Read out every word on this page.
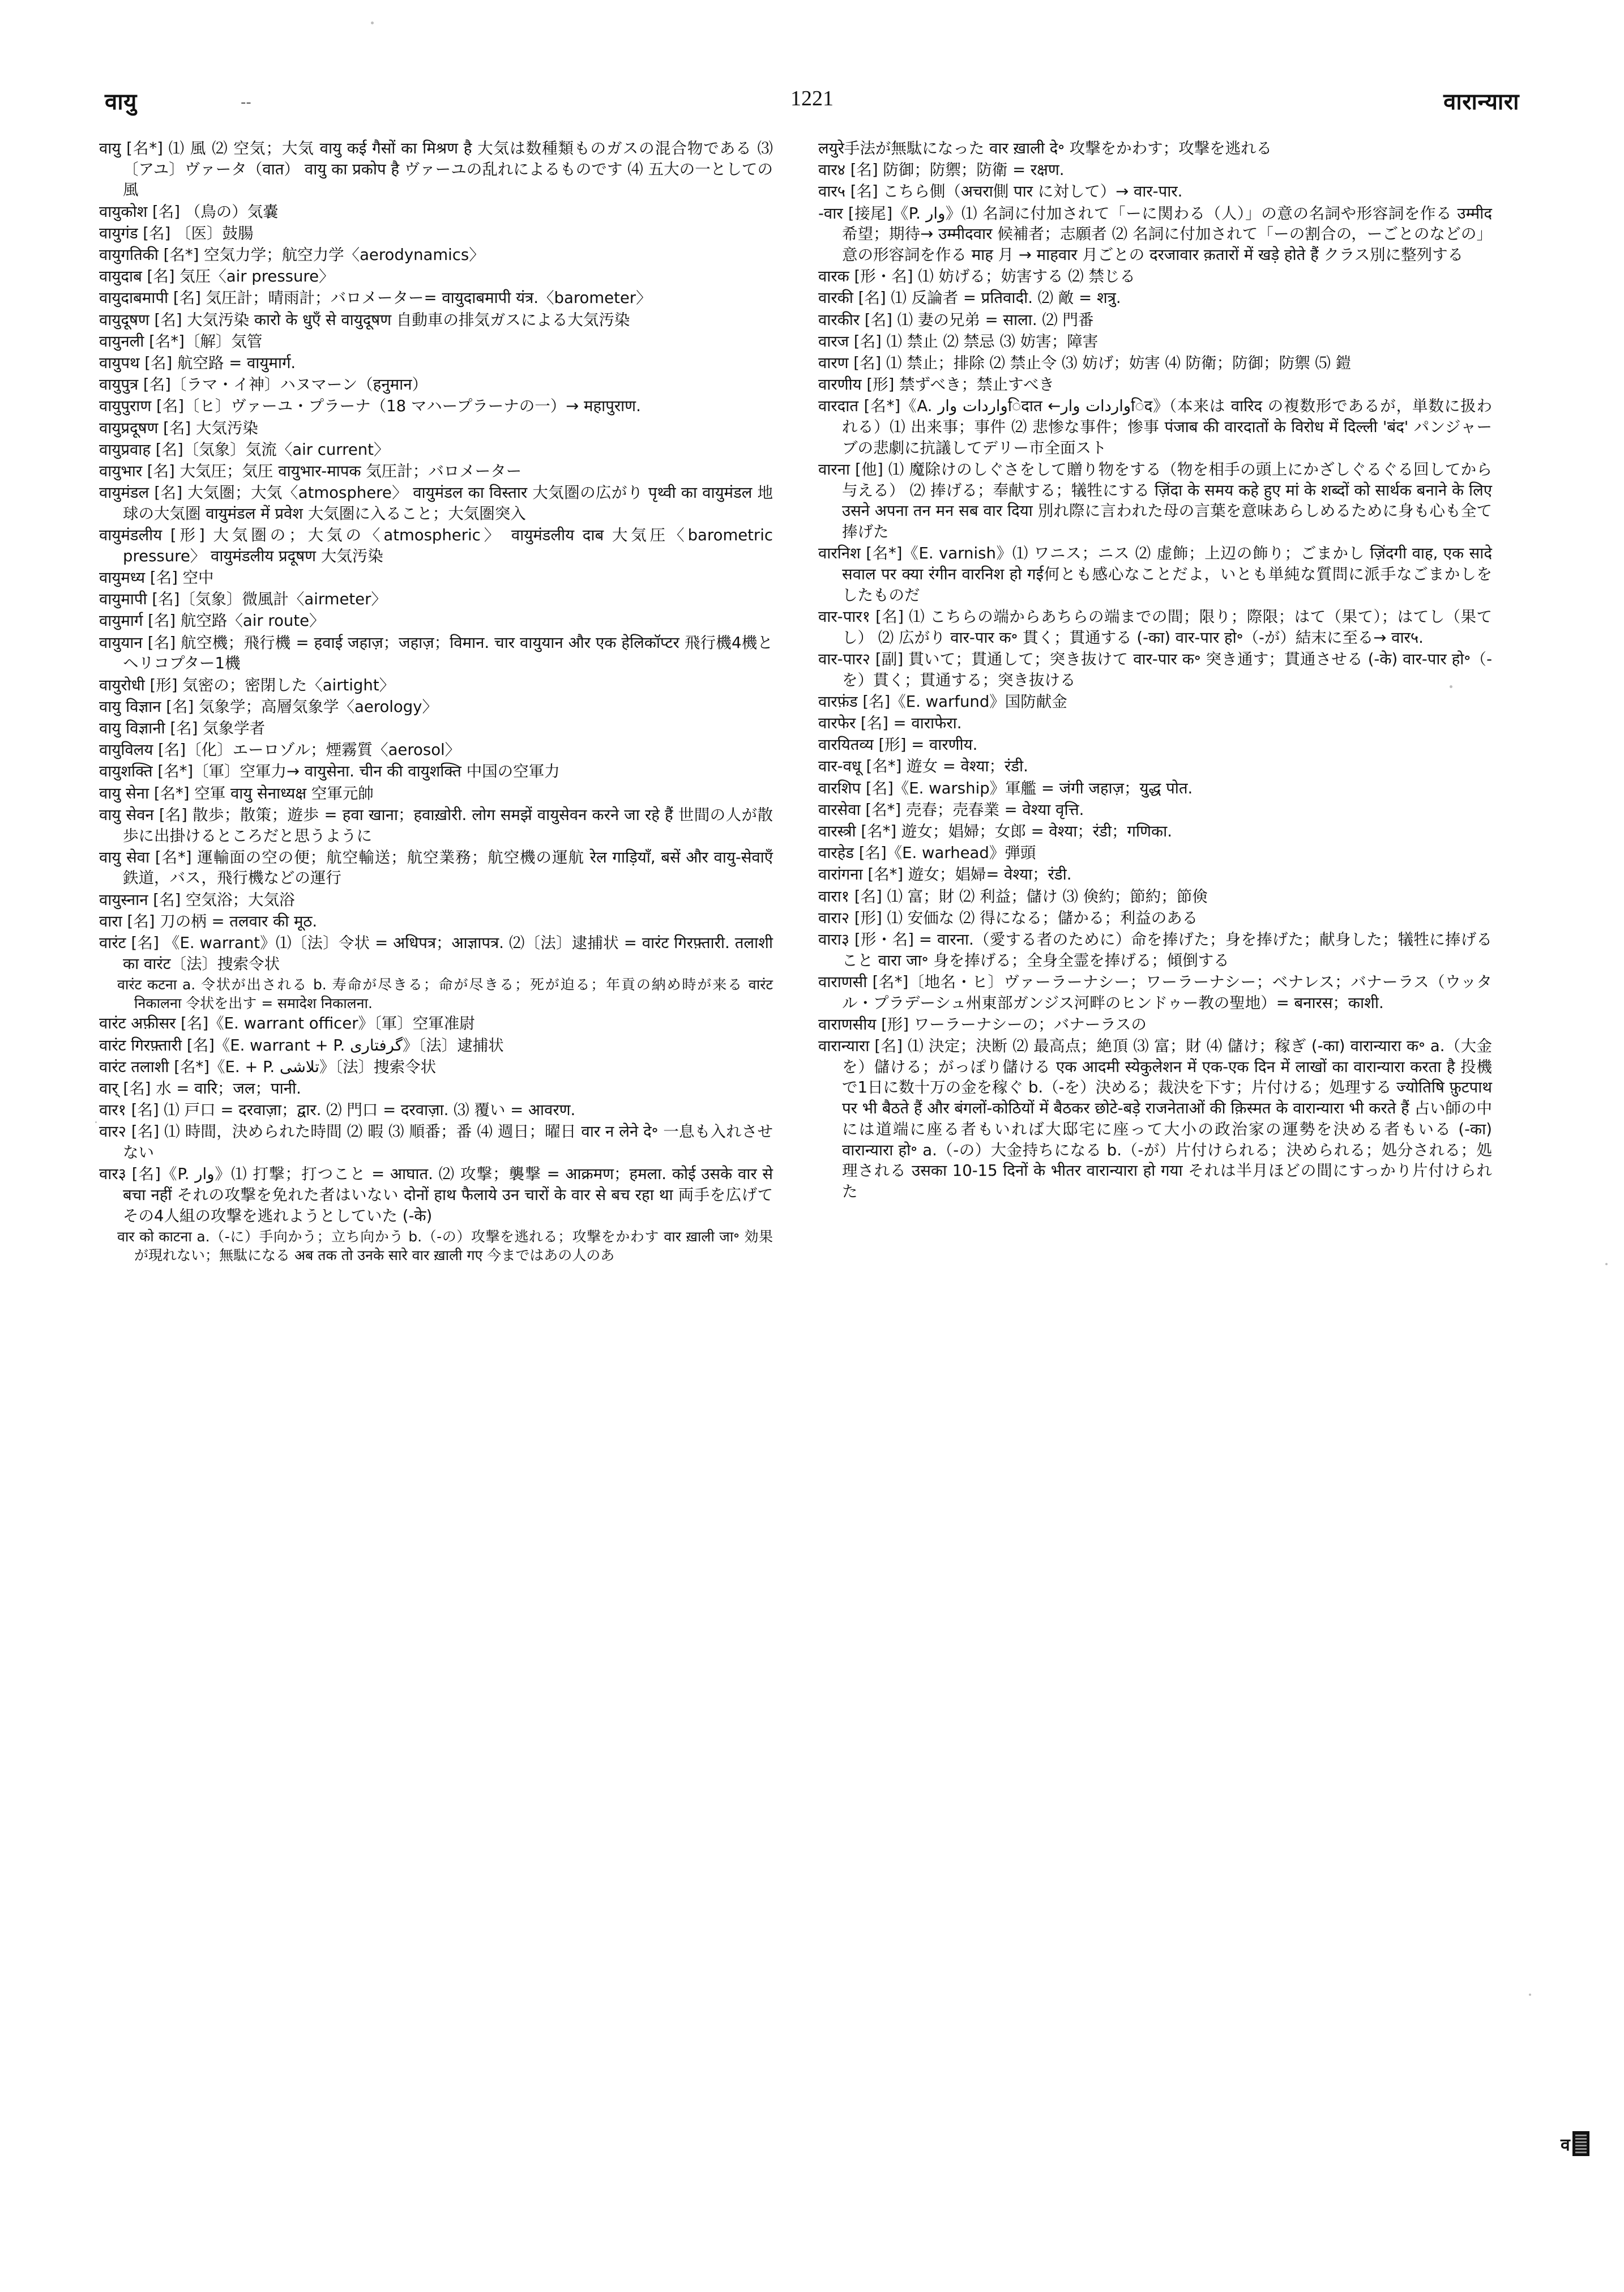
वायु	--	1221	वारान्यारा
वायु [名*] ⑴ 風 ⑵ 空気；大気 वायु कई गैसों का मिश्रण है 大気は数種類ものガスの混合物である ⑶ 〔アユ〕ヴァータ（वात） वायु का प्रकोप है ヴァーユの乱れによるものです ⑷ 五大の一としての風
वायुकोश [名] （鳥の）気嚢
वायुगंड [名] 〔医〕鼓腸
वायुगतिकी [名*] 空気力学；航空力学〈aerodynamics〉
वायुदाब [名] 気圧〈air pressure〉
वायुदाबमापी [名] 気圧計；晴雨計；バロメーター= वायुदाबमापी यंत्र.〈barometer〉
वायुदूषण [名] 大気汚染 कारो के धुएँ से वायुदूषण 自動車の排気ガスによる大気汚染
वायुनली [名*]〔解〕気管
वायुपथ [名] 航空路 = वायुमार्ग.
वायुपुत्र [名]〔ラマ・イ神〕ハヌマーン（हनुमान）
वायुपुराण [名]〔ヒ〕ヴァーユ・プラーナ（18 マハープラーナの一）→ महापुराण.
वायुप्रदूषण [名] 大気汚染
वायुप्रवाह [名]〔気象〕気流〈air current〉
वायुभार [名] 大気圧；気圧 वायुभार-मापक 気圧計；バロメーター
वायुमंडल [名] 大気圏；大気〈atmosphere〉 वायुमंडल का विस्तार 大気圏の広がり पृथ्वी का वायुमंडल 地球の大気圏 वायुमंडल में प्रवेश 大気圏に入ること；大気圏突入
वायुमंडलीय [形] 大気圏の；大気の〈atmospheric〉 वायुमंडलीय दाब 大気圧〈barometric pressure〉 वायुमंडलीय प्रदूषण 大気汚染
वायुमध्य [名] 空中
वायुमापी [名]〔気象〕微風計〈airmeter〉
वायुमार्ग [名] 航空路〈air route〉
वायुयान [名] 航空機；飛行機 = हवाई जहाज़；जहाज़；विमान. चार वायुयान और एक हेलिकॉप्टर 飛行機4機とヘリコプター1機
वायुरोधी [形] 気密の；密閉した〈airtight〉
वायु विज्ञान [名] 気象学；高層気象学〈aerology〉
वायु विज्ञानी [名] 気象学者
वायुविलय [名]〔化〕エーロゾル；煙霧質〈aerosol〉
वायुशक्ति [名*]〔軍〕空軍力→ वायुसेना. चीन की वायुशक्ति 中国の空軍力
वायु सेना [名*] 空軍 वायु सेनाध्यक्ष 空軍元帥
वायु सेवन [名] 散歩；散策；遊歩 = हवा खाना；हवाख़ोरी. लोग समझें वायुसेवन करने जा रहे हैं 世間の人が散歩に出掛けるところだと思うように
वायु सेवा [名*] 運輸面の空の便；航空輸送；航空業務；航空機の運航 रेल गाड़ियाँ, बसें और वायु-सेवाएँ 鉄道，バス，飛行機などの運行
वायुस्नान [名] 空気浴；大気浴
वारा [名] 刀の柄 = तलवार की मूठ.
वारंट [名] 《E. warrant》⑴〔法〕令状 = अधिपत्र；आज्ञापत्र. ⑵〔法〕逮捕状 = वारंट गिरफ़्तारी. तलाशी का वारंट〔法〕捜索令状
वारंट कटना a. 令状が出される b. 寿命が尽きる；命が尽きる；死が迫る；年貢の納め時が来る वारंट निकालना 令状を出す = समादेश निकालना.
वारंट अफ़ीसर [名]《E. warrant officer》〔軍〕空軍准尉
वारंट गिरफ़्तारी [名]《E. warrant + P. گرفتاری》〔法〕逮捕状
वारंट तलाशी [名*]《E. + P. تلاشی》〔法〕捜索令状
वार् [名] 水 = वारि；जल；पानी.
वार१ [名] ⑴ 戸口 = दरवाज़ा；द्वार. ⑵ 門口 = दरवाज़ा. ⑶ 覆い = आवरण.
वार२ [名] ⑴ 時間，決められた時間 ⑵ 暇 ⑶ 順番；番 ⑷ 週日；曜日 वार न लेने दे॰ 一息も入れさせない
वार३ [名]《P. وار》⑴ 打撃；打つこと = आघात. ⑵ 攻撃；襲撃 = आक्रमण；हमला. कोई उसके वार से बचा नहीं それの攻撃を免れた者はいない दोनों हाथ फैलाये उन चारों के वार से बच रहा था 両手を広げてその4人組の攻撃を逃れようとしていた (-के)
वार को काटना a.（-に）手向かう；立ち向かう b.（-の）攻撃を逃れる；攻撃をかわす वार ख़ाली जा॰ 効果が現れない；無駄になる अब तक तो उनके सारे वार ख़ाली गए 今まではあの人のあ
लयुरे手法が無駄になった वार ख़ाली दे॰ 攻撃をかわす；攻撃を逃れる
वार४ [名] 防御；防禦；防衛 = रक्षण.
वार५ [名] こちら側（अचरा側 पार に対して）→ वार-पार.
-वार [接尾]《P. وار》⑴ 名詞に付加されて「ーに関わる（人）」の意の名詞や形容詞を作る उम्मीद 希望；期待→ उम्मीदवार 候補者；志願者 ⑵ 名詞に付加されて「ーの割合の，ーごとのなどの」意の形容詞を作る माह 月 → माहवार 月ごとの दरजावार क़तारों में खड़े होते हैं クラス別に整列する
वारक [形・名] ⑴ 妨げる；妨害する ⑵ 禁じる
वारकी [名] ⑴ 反論者 = प्रतिवादी. ⑵ 敵 = शत्रु.
वारकीर [名] ⑴ 妻の兄弟 = साला. ⑵ 門番
वारज [名] ⑴ 禁止 ⑵ 禁忌 ⑶ 妨害；障害
वारण [名] ⑴ 禁止；排除 ⑵ 禁止令 ⑶ 妨げ；妨害 ⑷ 防衛；防御；防禦 ⑸ 鎧
वारणीय [形] 禁ずべき；禁止すべき
वारदात [名*]《A. واردات وارिदात ←واردات وارिद》（本来は वारिद の複数形であるが，単数に扱われる）⑴ 出来事；事件 ⑵ 悲惨な事件；惨事 पंजाब की वारदातों के विरोध में दिल्ली 'बंद' パンジャーブの悲劇に抗議してデリー市全面スト
वारना [他] ⑴ 魔除けのしぐさをして贈り物をする（物を相手の頭上にかざしぐるぐる回してから与える） ⑵ 捧げる；奉献する；犠牲にする ज़िंदा के समय कहे हुए मां के शब्दों को सार्थक बनाने के लिए उसने अपना तन मन सब वार दिया 別れ際に言われた母の言葉を意味あらしめるために身も心も全て捧げた
वारनिश [名*]《E. varnish》⑴ ワニス；ニス ⑵ 虚飾；上辺の飾り；ごまかし ज़िंदगी वाह, एक सादे सवाल पर क्या रंगीन वारनिश हो गई何とも感心なことだよ，いとも単純な質問に派手なごまかしをしたものだ
वार-पार१ [名] ⑴ こちらの端からあちらの端までの間；限り；際限；はて（果て）；はてし（果てし） ⑵ 広がり वार-पार क॰ 貫く；貫通する (-का) वार-पार हो॰（-が）結末に至る→ वार५.
वार-पार२ [副] 貫いて；貫通して；突き抜けて वार-पार क॰ 突き通す；貫通させる (-के) वार-पार हो॰（-を）貫く；貫通する；突き抜ける
वारफ़ंड [名]《E. warfund》国防献金
वारफेर [名] = वाराफेरा.
वारयितव्य [形] = वारणीय.
वार-वधू [名*] 遊女 = वेश्या；रंडी.
वारशिप [名]《E. warship》軍艦 = जंगी जहाज़；युद्ध पोत.
वारसेवा [名*] 売春；売春業 = वेश्या वृत्ति.
वारस्त्री [名*] 遊女；娼婦；女郎 = वेश्या；रंडी；गणिका.
वारहेड [名]《E. warhead》弾頭
वारांगना [名*] 遊女；娼婦= वेश्या；रंडी.
वारा१ [名] ⑴ 富；財 ⑵ 利益；儲け ⑶ 倹約；節約；節倹
वारा२ [形] ⑴ 安価な ⑵ 得になる；儲かる；利益のある
वारा३ [形・名] = वारना.（愛する者のために）命を捧げた；身を捧げた；献身した；犠牲に捧げること वारा जा॰ 身を捧げる；全身全霊を捧げる；傾倒する
वाराणसी [名*]〔地名・ヒ〕ヴァーラーナシー；ワーラーナシー；ベナレス；バナーラス（ウッタル・プラデーシュ州東部ガンジス河畔のヒンドゥー教の聖地）= बनारस；काशी.
वाराणसीय [形] ワーラーナシーの；バナーラスの
वारान्यारा [名] ⑴ 決定；決断 ⑵ 最高点；絶頂 ⑶ 富；財 ⑷ 儲け；稼ぎ (-का) वारान्यारा क॰ a.（大金を）儲ける；がっぽり儲ける एक आदमी स्येकुलेशन में एक-एक दिन में लाखों का वारान्यारा करता है 投機で1日に数十万の金を稼ぐ b.（-を）決める；裁決を下す；片付ける；処理する ज्योतिषि फ़ुटपाथ पर भी बैठते हैं और बंगलों-कोठियों में बैठकर छोटे-बड़े राजनेताओं की क़िस्मत के वारान्यारा भी करते हैं 占い師の中には道端に座る者もいれば大邸宅に座って大小の政治家の運勢を決める者もいる (-का) वारान्यारा हो॰ a.（-の）大金持ちになる b.（-が）片付けられる；決められる；処分される；処理される उसका 10-15 दिनों के भीतर वारान्यारा हो गया それは半月ほどの間にすっかり片付けられた
व
